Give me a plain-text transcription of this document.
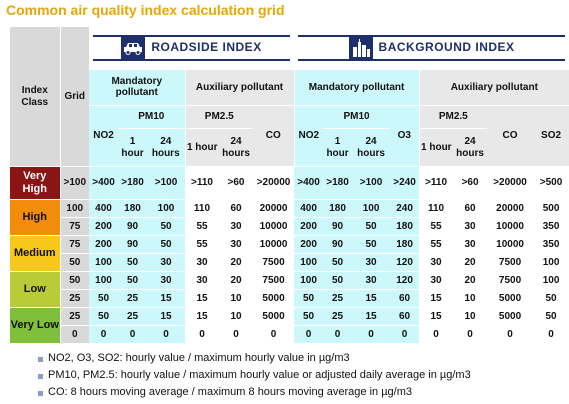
Common air quality index calculation grid
Index Class	Grid	ROADSIDE INDEX						BACKGROUND INDEX							

		Mandatory pollutant			Auxiliary pollutant			Mandatory pollutant				Auxiliary pollutant			
		NO2	PM10		PM2.5		CO	NO2	PM10		O3	PM2.5		CO	SO2
			1 hour	24 hours	1 hour	24 hours			1 hour	24 hours		1 hour	24 hours		
Very High	>100	>400	>180	>100	>110	>60	>20000	>400	>180	>100	>240	>110	>60	>20000	>500
High	100	400	180	100	110	60	20000	400	180	100	240	110	60	20000	500
	75	200	90	50	55	30	10000	200	90	50	180	55	30	10000	350
Medium	75	200	90	50	55	30	10000	200	90	50	180	55	30	10000	350
	50	100	50	30	30	20	7500	100	50	30	120	30	20	7500	100
Low	50	100	50	30	30	20	7500	100	50	30	120	30	20	7500	100
	25	50	25	15	15	10	5000	50	25	15	60	15	10	5000	50
Very Low	25	50	25	15	15	10	5000	50	25	15	60	15	10	5000	50
	0	0	0	0	0	0	0	0	0	0	0	0	0	0	0
NO2, O3, SO2: hourly value / maximum hourly value in µg/m3
PM10, PM2.5: hourly value / maximum hourly value or adjusted daily average in µg/m3
CO: 8 hours moving average / maximum 8 hours moving average in µg/m3
